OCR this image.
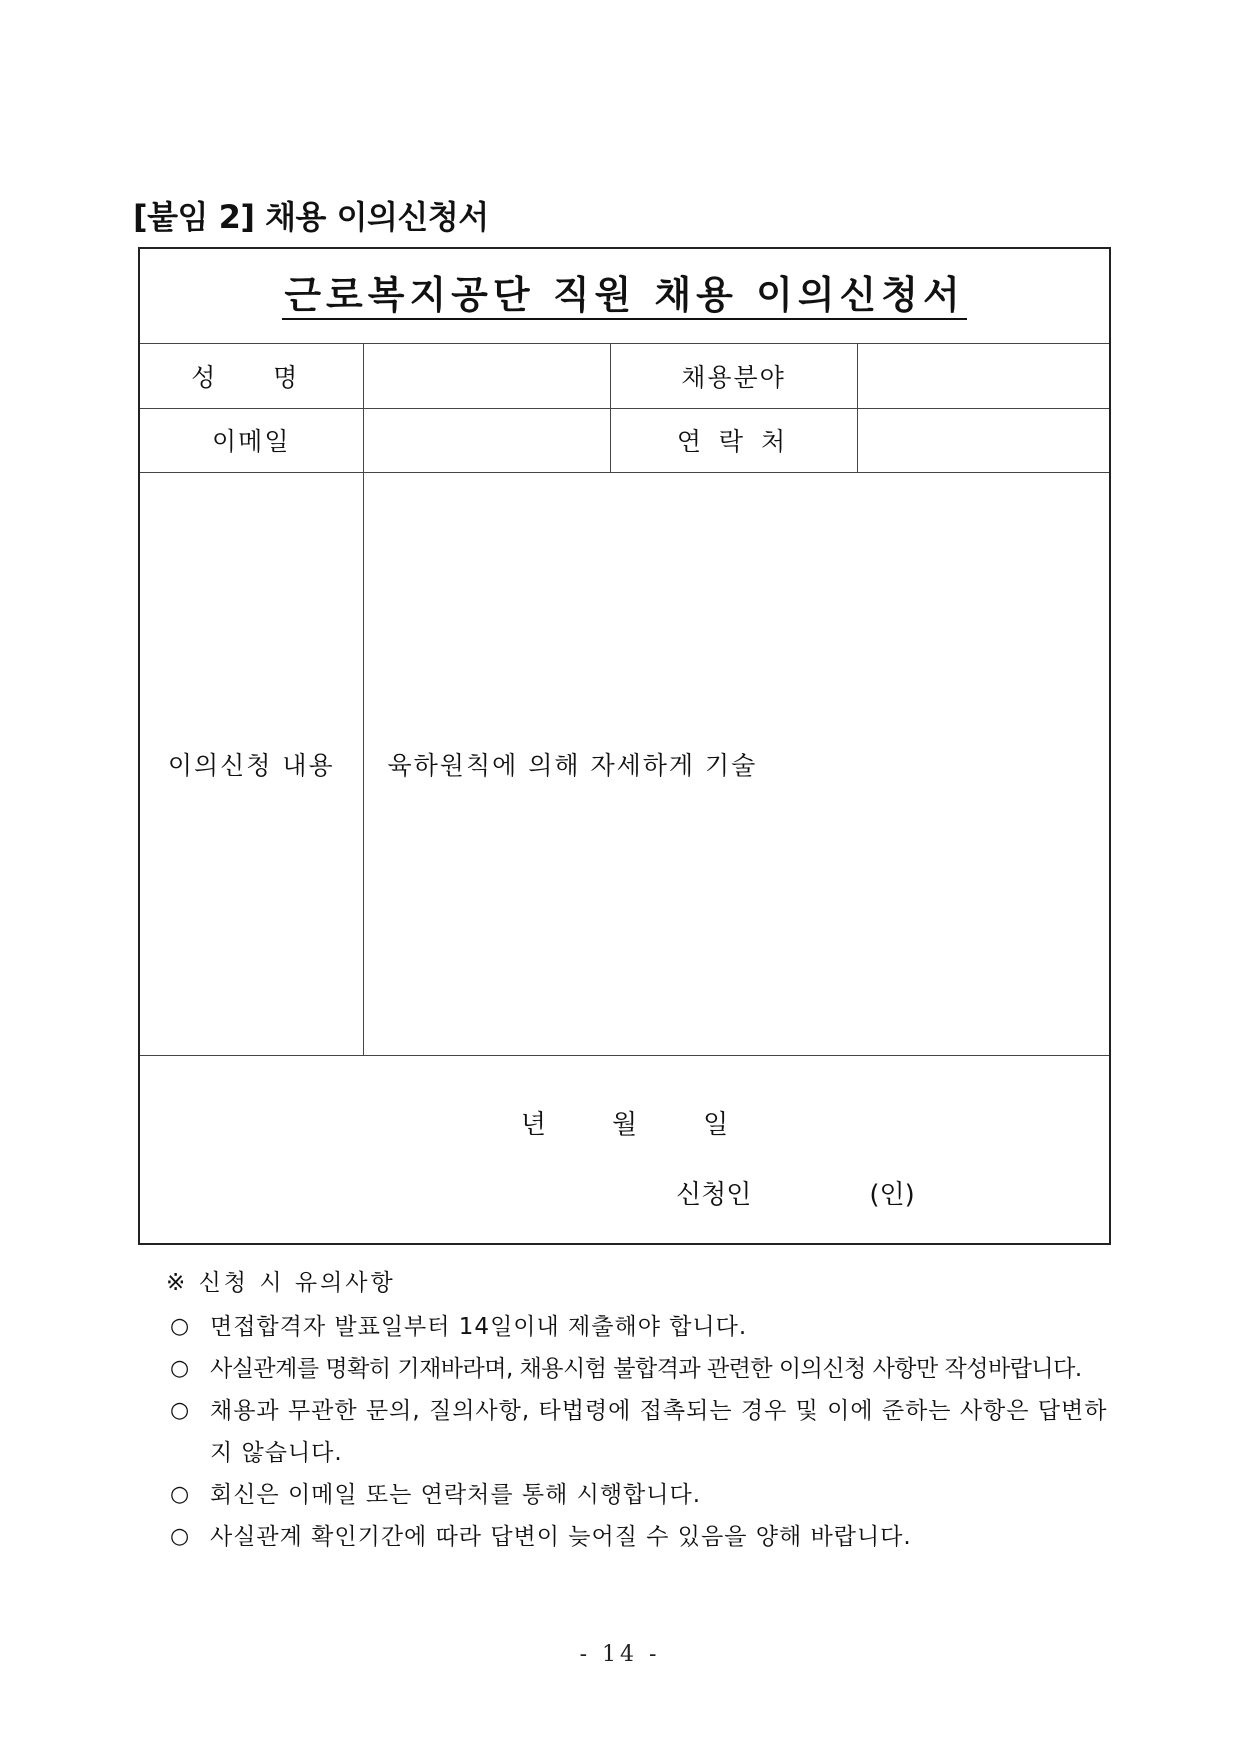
[붙임 2] 채용 이의신청서
근로복지공단 직원 채용 이의신청서			
성  명		채용분야	
이메일		연 락 처	
이의신청 내용	육하원칙에 의해 자세하게 기술		

년 월 일
신청인 (인)			
※ 신청 시 유의사항
○ 면접합격자 발표일부터 14일이내 제출해야 합니다.
○ 사실관계를 명확히 기재바라며, 채용시험 불합격과 관련한 이의신청 사항만 작성바랍니다.
○ 채용과 무관한 문의, 질의사항, 타법령에 접촉되는 경우 및 이에 준하는 사항은 답변하지 않습니다.
○ 회신은 이메일 또는 연락처를 통해 시행합니다.
○ 사실관계 확인기간에 따라 답변이 늦어질 수 있음을 양해 바랍니다.
- 14 -
